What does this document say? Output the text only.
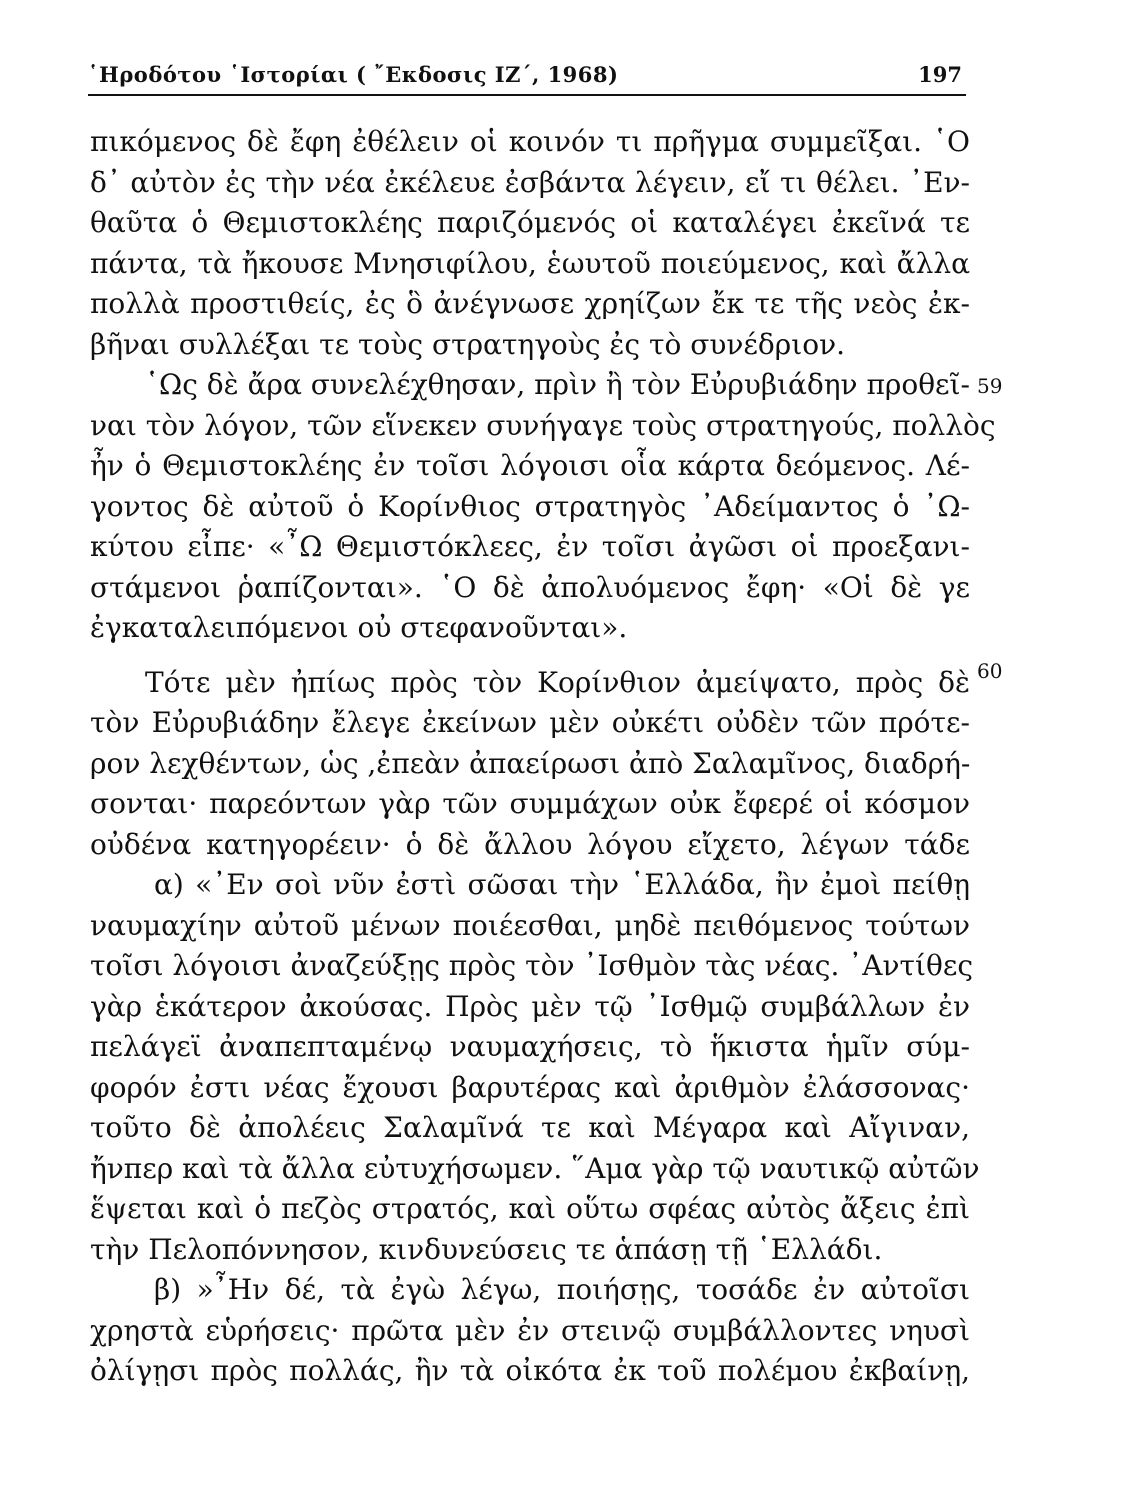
῾Ηροδότου ῾Ιστορίαι ( ῎Εκδοσις ΙΖ΄, 1968)	197
59
60
πικόμενος δὲ ἔφη ἐθέλειν οἱ κοινόν τι πρῆγμα συμμεῖξαι. ῾Ο
δ᾽ αὐτὸν ἐς τὴν νέα ἐκέλευε ἐσβάντα λέγειν, εἴ τι θέλει. ᾽Εν-
θαῦτα ὁ Θεμιστοκλέης παριζόμενός οἱ καταλέγει ἐκεῖνά τε
πάντα, τὰ ἤκουσε Μνησιφίλου, ἑωυτοῦ ποιεύμενος, καὶ ἄλλα
πολλὰ προστιθείς, ἐς ὃ ἀνέγνωσε χρηίζων ἔκ τε τῆς νεὸς ἐκ-
βῆναι συλλέξαι τε τοὺς στρατηγοὺς ἐς τὸ συνέδριον.
῾Ως δὲ ἄρα συνελέχθησαν, πρὶν ἢ τὸν Εὐρυβιάδην προθεῖ-
ναι τὸν λόγον, τῶν εἵνεκεν συνήγαγε τοὺς στρατηγούς, πολλὸς
ἦν ὁ Θεμιστοκλέης ἐν τοῖσι λόγοισι οἷα κάρτα δεόμενος. Λέ-
γοντος δὲ αὐτοῦ ὁ Κορίνθιος στρατηγὸς ᾽Αδείμαντος ὁ ᾽Ω-
κύτου εἶπε· «῏Ω Θεμιστόκλεες, ἐν τοῖσι ἀγῶσι οἱ προεξανι-
στάμενοι ῥαπίζονται». ῾Ο δὲ ἀπολυόμενος ἔφη· «Οἱ δὲ γε
ἐγκαταλειπόμενοι οὐ στεφανοῦνται».
Τότε μὲν ἠπίως πρὸς τὸν Κορίνθιον ἀμείψατο, πρὸς δὲ
τὸν Εὐρυβιάδην ἔλεγε ἐκείνων μὲν οὐκέτι οὐδὲν τῶν πρότε-
ρον λεχθέντων, ὡς ,ἐπεὰν ἀπαείρωσι ἀπὸ Σαλαμῖνος, διαδρή-
σονται· παρεόντων γὰρ τῶν συμμάχων οὐκ ἔφερέ οἱ κόσμον
οὐδένα κατηγορέειν· ὁ δὲ ἄλλου λόγου εἴχετο, λέγων τάδε
α) «᾽Εν σοὶ νῦν ἐστὶ σῶσαι τὴν ῾Ελλάδα, ἢν ἐμοὶ πείθῃ
ναυμαχίην αὐτοῦ μένων ποιέεσθαι, μηδὲ πειθόμενος τούτων
τοῖσι λόγοισι ἀναζεύξῃς πρὸς τὸν ᾽Ισθμὸν τὰς νέας. ᾽Αντίθες
γὰρ ἑκάτερον ἀκούσας. Πρὸς μὲν τῷ ᾽Ισθμῷ συμβάλλων ἐν
πελάγεϊ ἀναπεπταμένῳ ναυμαχήσεις, τὸ ἥκιστα ἡμῖν σύμ-
φορόν ἐστι νέας ἔχουσι βαρυτέρας καὶ ἀριθμὸν ἐλάσσονας·
τοῦτο δὲ ἀπολέεις Σαλαμῖνά τε καὶ Μέγαρα καὶ Αἴγιναν,
ἤνπερ καὶ τὰ ἄλλα εὐτυχήσωμεν. ῞Αμα γὰρ τῷ ναυτικῷ αὐτῶν
ἕψεται καὶ ὁ πεζὸς στρατός, καὶ οὕτω σφέας αὐτὸς ἄξεις ἐπὶ
τὴν Πελοπόννησον, κινδυνεύσεις τε ἁπάσῃ τῇ ῾Ελλάδι.
β) »῏Ην δέ, τὰ ἐγὼ λέγω, ποιήσῃς, τοσάδε ἐν αὐτοῖσι
χρηστὰ εὑρήσεις· πρῶτα μὲν ἐν στεινῷ συμβάλλοντες νηυσὶ
ὀλίγῃσι πρὸς πολλάς, ἢν τὰ οἰκότα ἐκ τοῦ πολέμου ἐκβαίνῃ,
